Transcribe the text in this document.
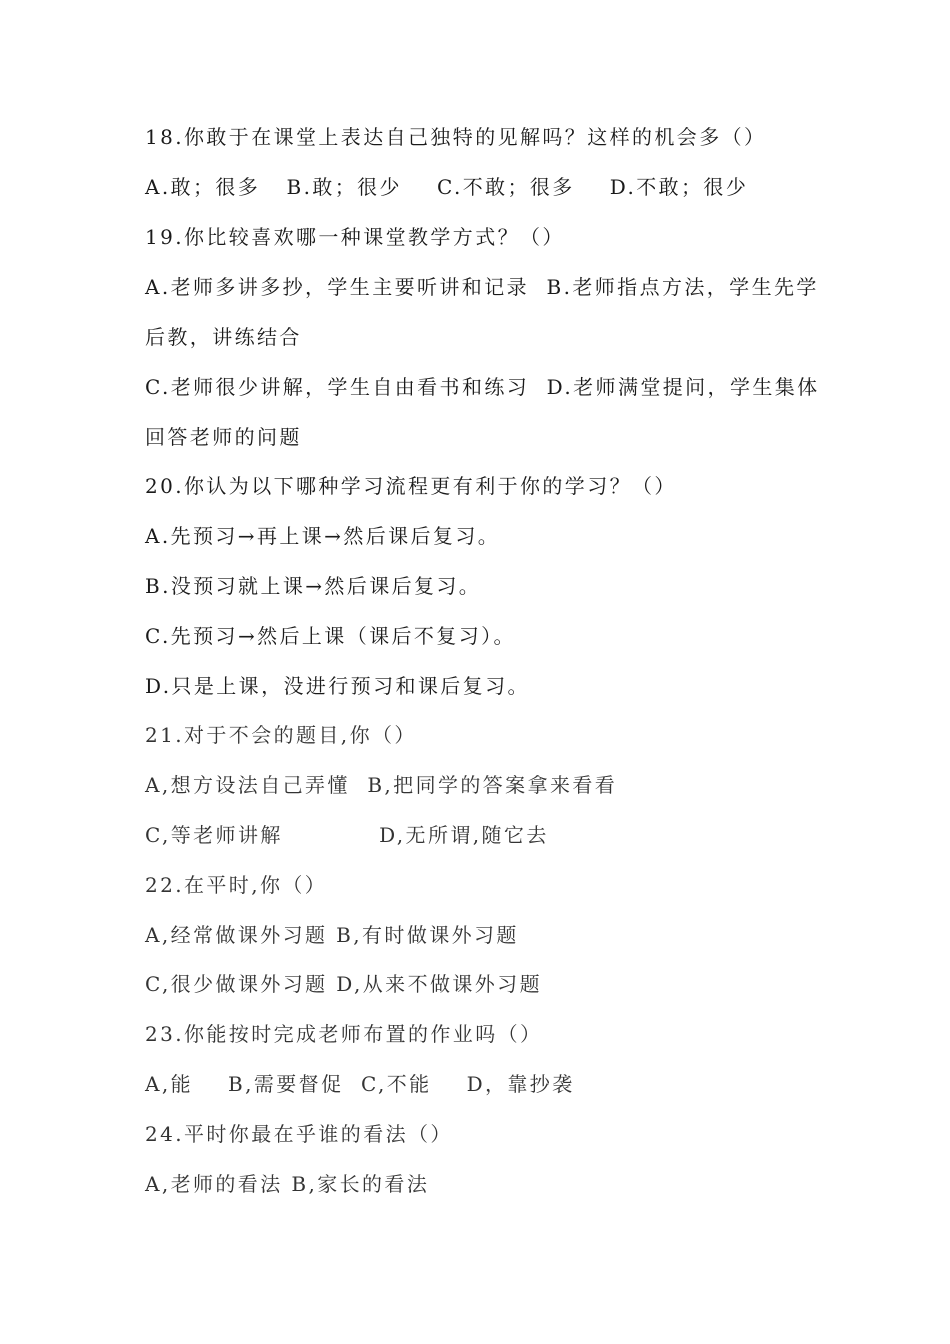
18.你敢于在课堂上表达自己独特的见解吗？这样的机会多（）
A.敢；很多   B.敢；很少    C.不敢；很多    D.不敢；很少
19.你比较喜欢哪一种课堂教学方式？（）
A.老师多讲多抄，学生主要听讲和记录  B.老师指点方法，学生先学
后教，讲练结合
C.老师很少讲解，学生自由看书和练习  D.老师满堂提问，学生集体
回答老师的问题
20.你认为以下哪种学习流程更有利于你的学习？（）
A.先预习→再上课→然后课后复习。
B.没预习就上课→然后课后复习。
C.先预习→然后上课（课后不复习）。
D.只是上课，没进行预习和课后复习。
21.对于不会的题目,你（）
A,想方设法自己弄懂  B,把同学的答案拿来看看
C,等老师讲解           D,无所谓,随它去
22.在平时,你（）
A,经常做课外习题 B,有时做课外习题
C,很少做课外习题 D,从来不做课外习题
23.你能按时完成老师布置的作业吗（）
A,能    B,需要督促  C,不能    D，靠抄袭
24.平时你最在乎谁的看法（）
A,老师的看法 B,家长的看法
